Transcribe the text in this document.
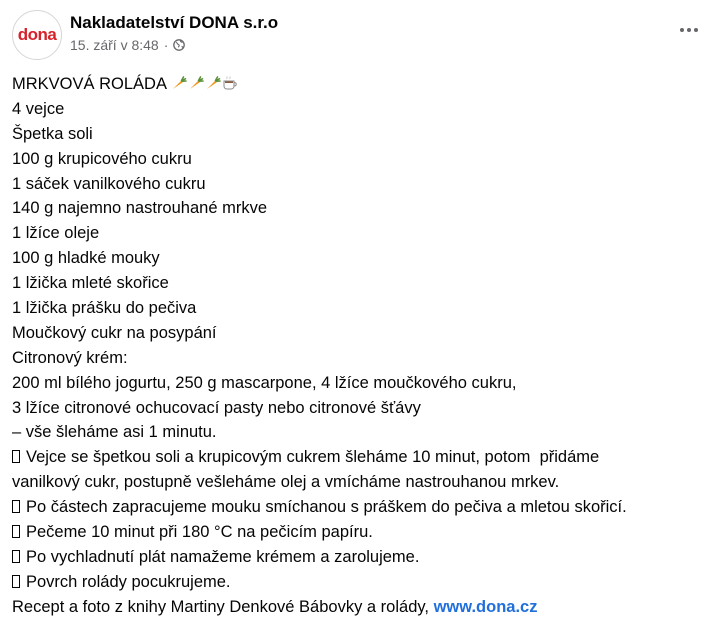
dona
Nakladatelství DONA s.r.o
15. září v 8:48 ·
MRKVOVÁ ROLÁDA
4 vejce
Špetka soli
100 g krupicového cukru
1 sáček vanilkového cukru
140 g najemno nastrouhané mrkve
1 lžíce oleje
100 g hladké mouky
1 lžička mleté skořice
1 lžička prášku do pečiva
Moučkový cukr na posypání
Citronový krém:
200 ml bílého jogurtu, 250 g mascarpone, 4 lžíce moučkového cukru,
3 lžíce citronové ochucovací pasty nebo citronové šťávy
– vše šleháme asi 1 minutu.
Vejce se špetkou soli a krupicovým cukrem šleháme 10 minut, potom  přidáme
vanilkový cukr, postupně vešleháme olej a vmícháme nastrouhanou mrkev.
Po částech zapracujeme mouku smíchanou s práškem do pečiva a mletou skořicí.
Pečeme 10 minut při 180 °C na pečicím papíru.
Po vychladnutí plát namažeme krémem a zarolujeme.
Povrch rolády pocukrujeme.
Recept a foto z knihy Martiny Denkové Bábovky a rolády, www.dona.cz
